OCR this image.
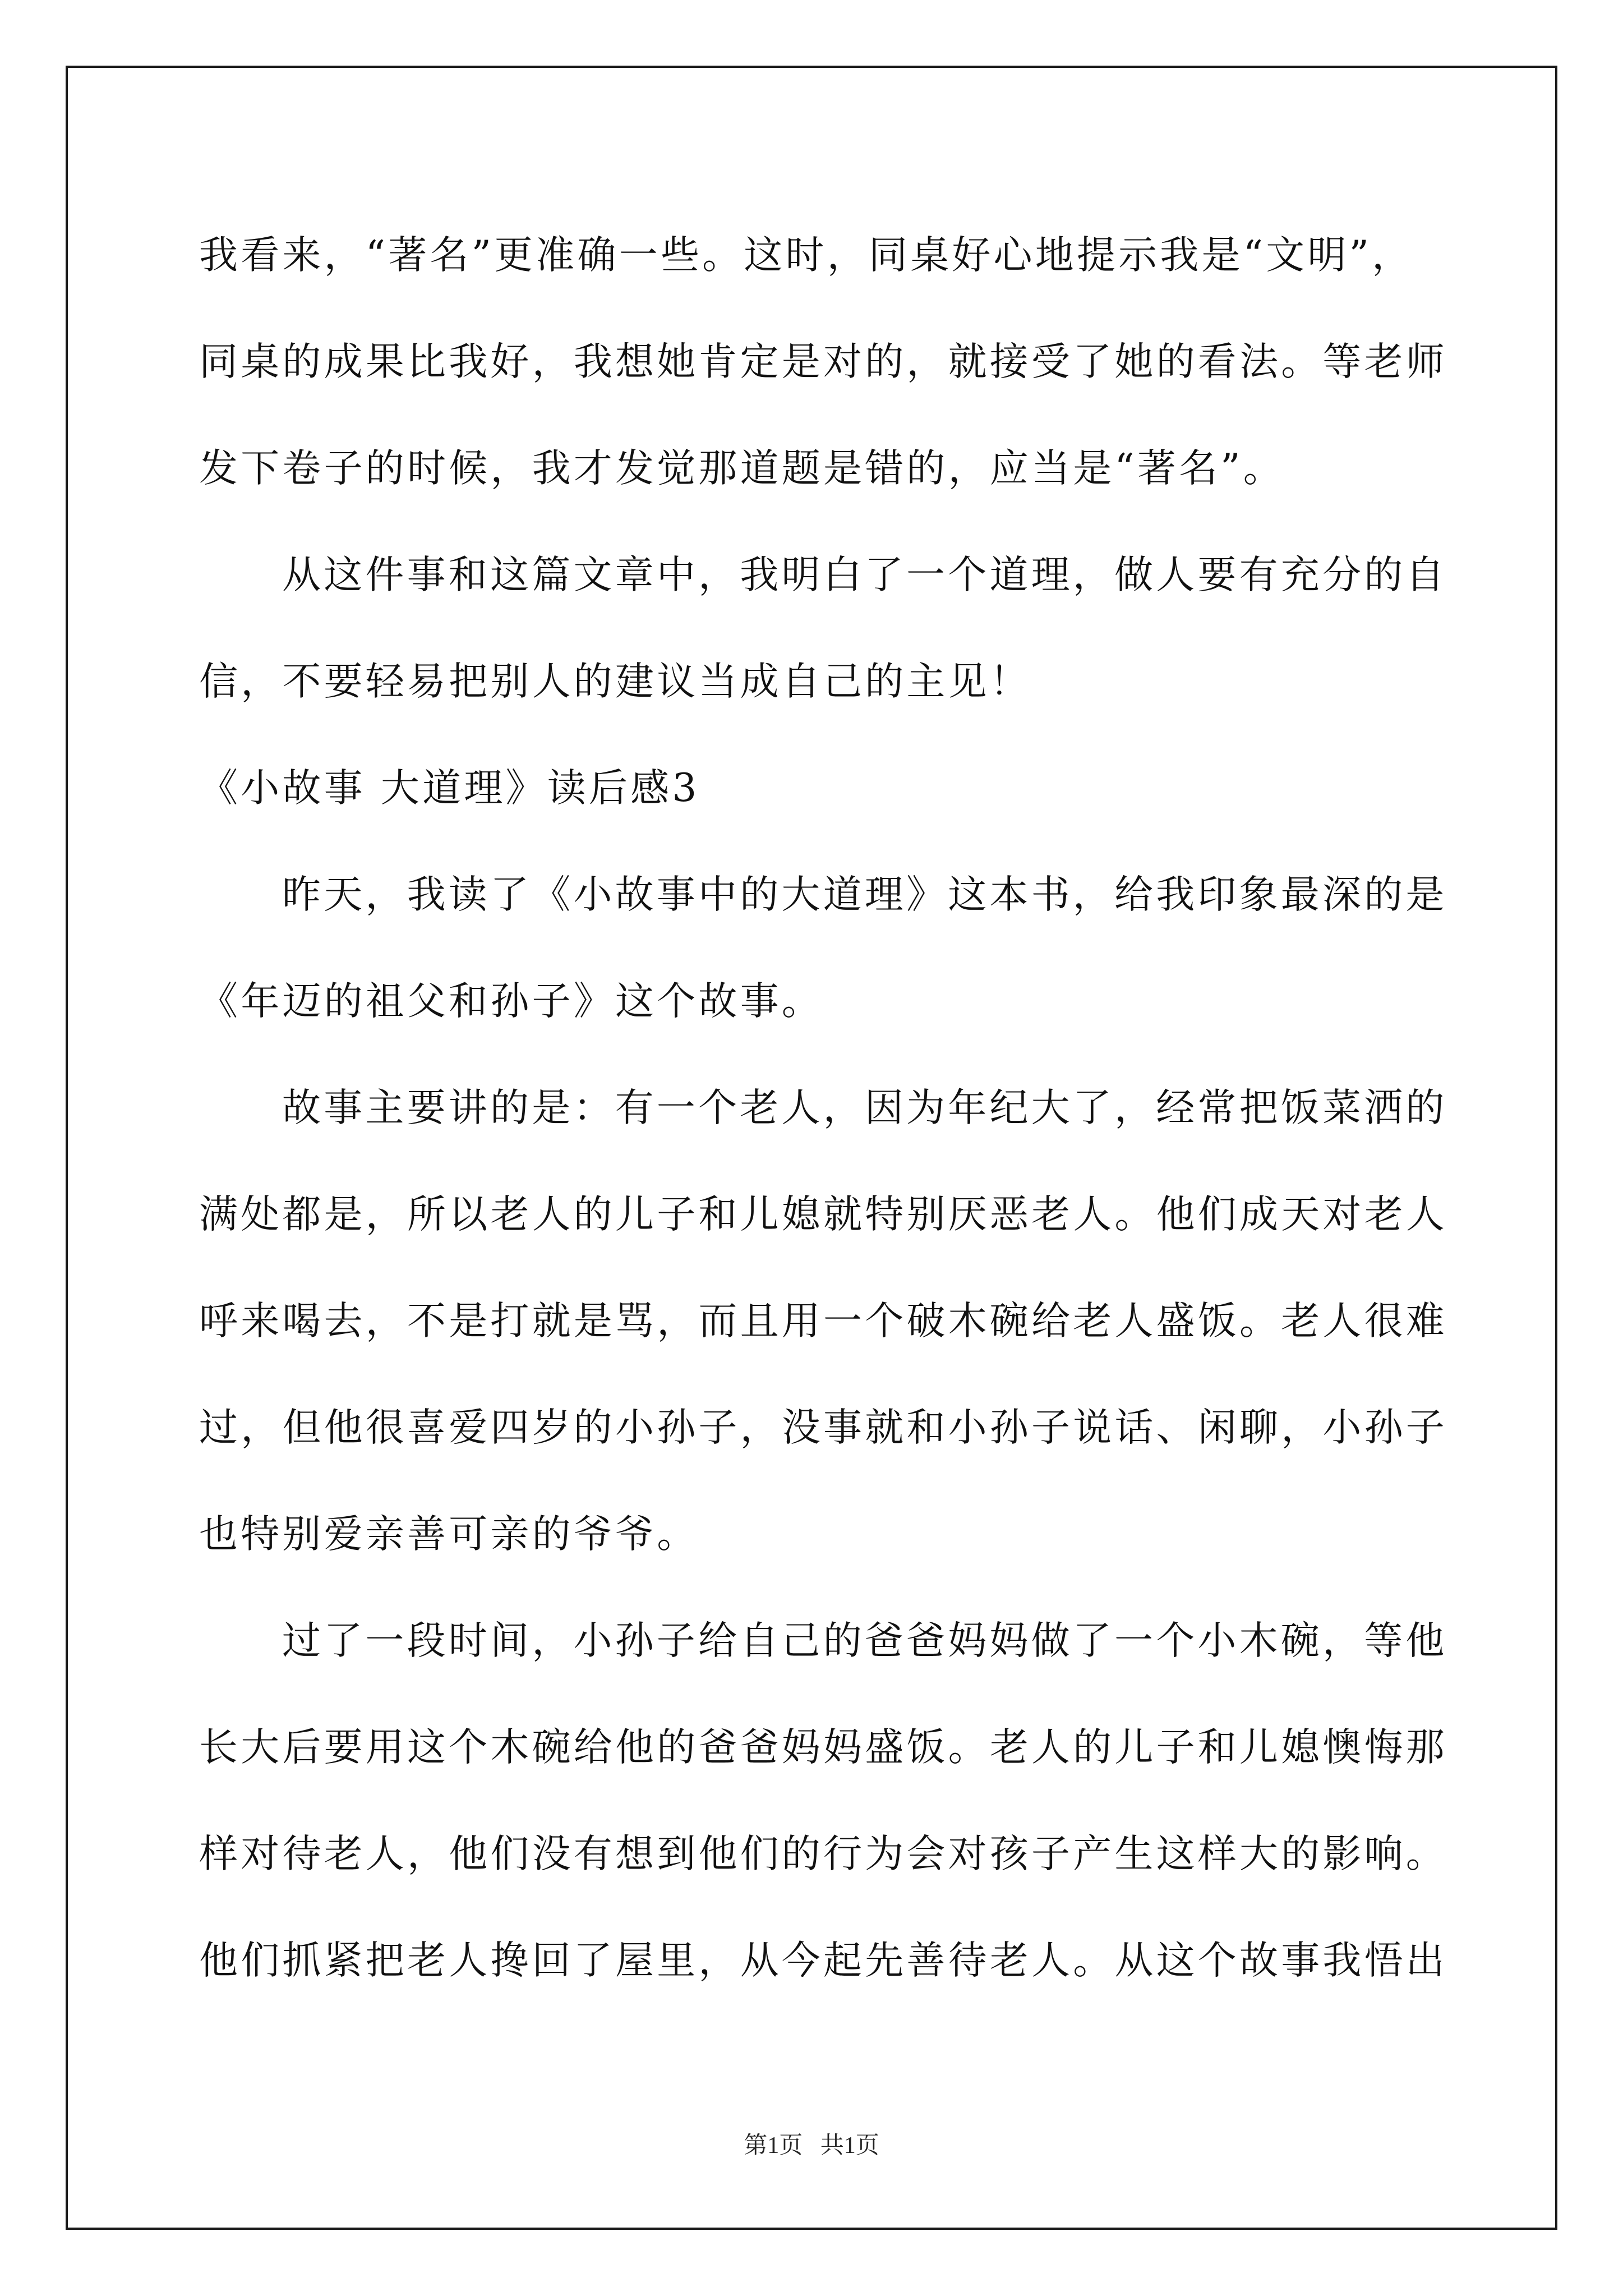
我看来，“著名”更准确一些。这时，同桌好心地提示我是“文明”，
同桌的成果比我好，我想她肯定是对的，就接受了她的看法。等老师
发下卷子的时候，我才发觉那道题是错的，应当是“著名”。
从这件事和这篇文章中，我明白了一个道理，做人要有充分的自
信，不要轻易把别人的建议当成自己的主见！
《小故事 大道理》读后感3
昨天，我读了《小故事中的大道理》这本书，给我印象最深的是
《年迈的祖父和孙子》这个故事。
故事主要讲的是：有一个老人，因为年纪大了，经常把饭菜洒的
满处都是，所以老人的儿子和儿媳就特别厌恶老人。他们成天对老人
呼来喝去，不是打就是骂，而且用一个破木碗给老人盛饭。老人很难
过，但他很喜爱四岁的小孙子，没事就和小孙子说话、闲聊，小孙子
也特别爱亲善可亲的爷爷。
过了一段时间，小孙子给自己的爸爸妈妈做了一个小木碗，等他
长大后要用这个木碗给他的爸爸妈妈盛饭。老人的儿子和儿媳懊悔那
样对待老人，他们没有想到他们的行为会对孩子产生这样大的影响。
他们抓紧把老人搀回了屋里，从今起先善待老人。从这个故事我悟出
第1页 共1页
